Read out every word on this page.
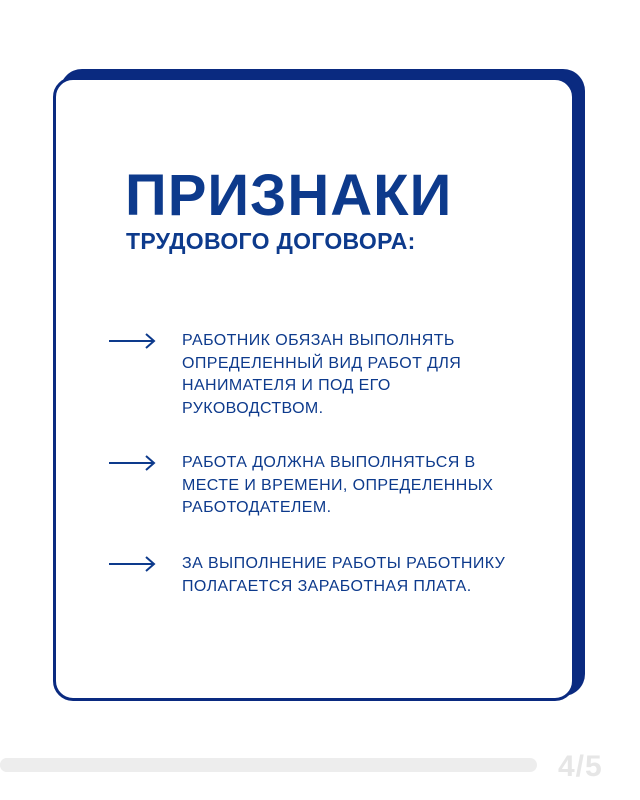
ПРИЗНАКИ
ТРУДОВОГО ДОГОВОРА:
РАБОТНИК ОБЯЗАН ВЫПОЛНЯТЬ ОПРЕДЕЛЕННЫЙ ВИД РАБОТ ДЛЯ НАНИМАТЕЛЯ И ПОД ЕГО РУКОВОДСТВОМ.
РАБОТА ДОЛЖНА ВЫПОЛНЯТЬСЯ В МЕСТЕ И ВРЕМЕНИ, ОПРЕДЕЛЕННЫХ РАБОТОДАТЕЛЕМ.
ЗА ВЫПОЛНЕНИЕ РАБОТЫ РАБОТНИКУ ПОЛАГАЕТСЯ ЗАРАБОТНАЯ ПЛАТА.
4/5
